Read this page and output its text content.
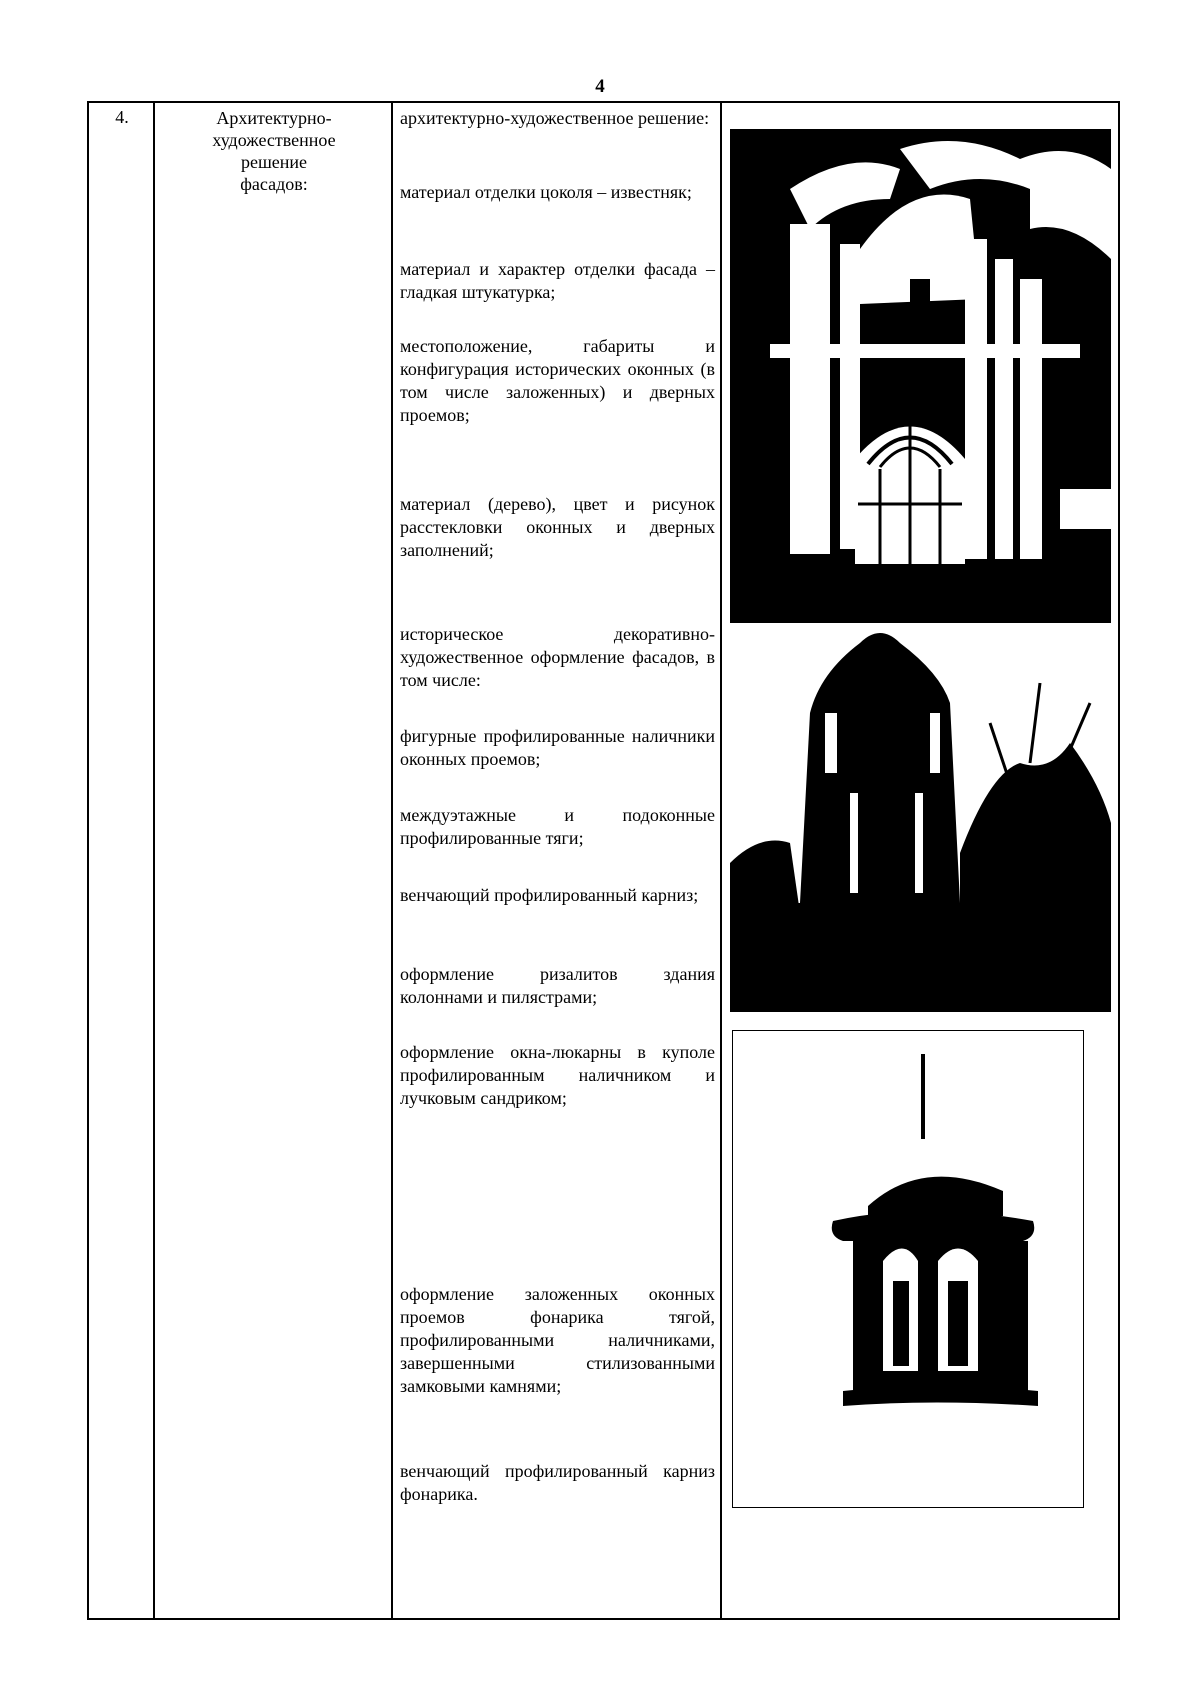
4
4.	Архитектурно-
художественное
решение
фасадов:
архитектурно-художественное решение:
материал отделки цоколя – известняк;
материал и характер отделки фасада – гладкая штукатурка;
местоположение, габариты и конфигурация исторических оконных (в том числе заложенных) и дверных проемов;
материал (дерево), цвет и рисунок расстекловки оконных и дверных заполнений;
историческое декоративно-художественное оформление фасадов, в том числе:
фигурные профилированные наличники оконных проемов;
междуэтажные и подоконные профилированные тяги;
венчающий профилированный карниз;
оформление ризалитов здания колоннами и пилястрами;
оформление окна-люкарны в куполе профилированным наличником и лучковым сандриком;
оформление заложенных оконных проемов фонарика тягой, профилированными наличниками, завершенными стилизованными замковыми камнями;
венчающий профилированный карниз фонарика.
